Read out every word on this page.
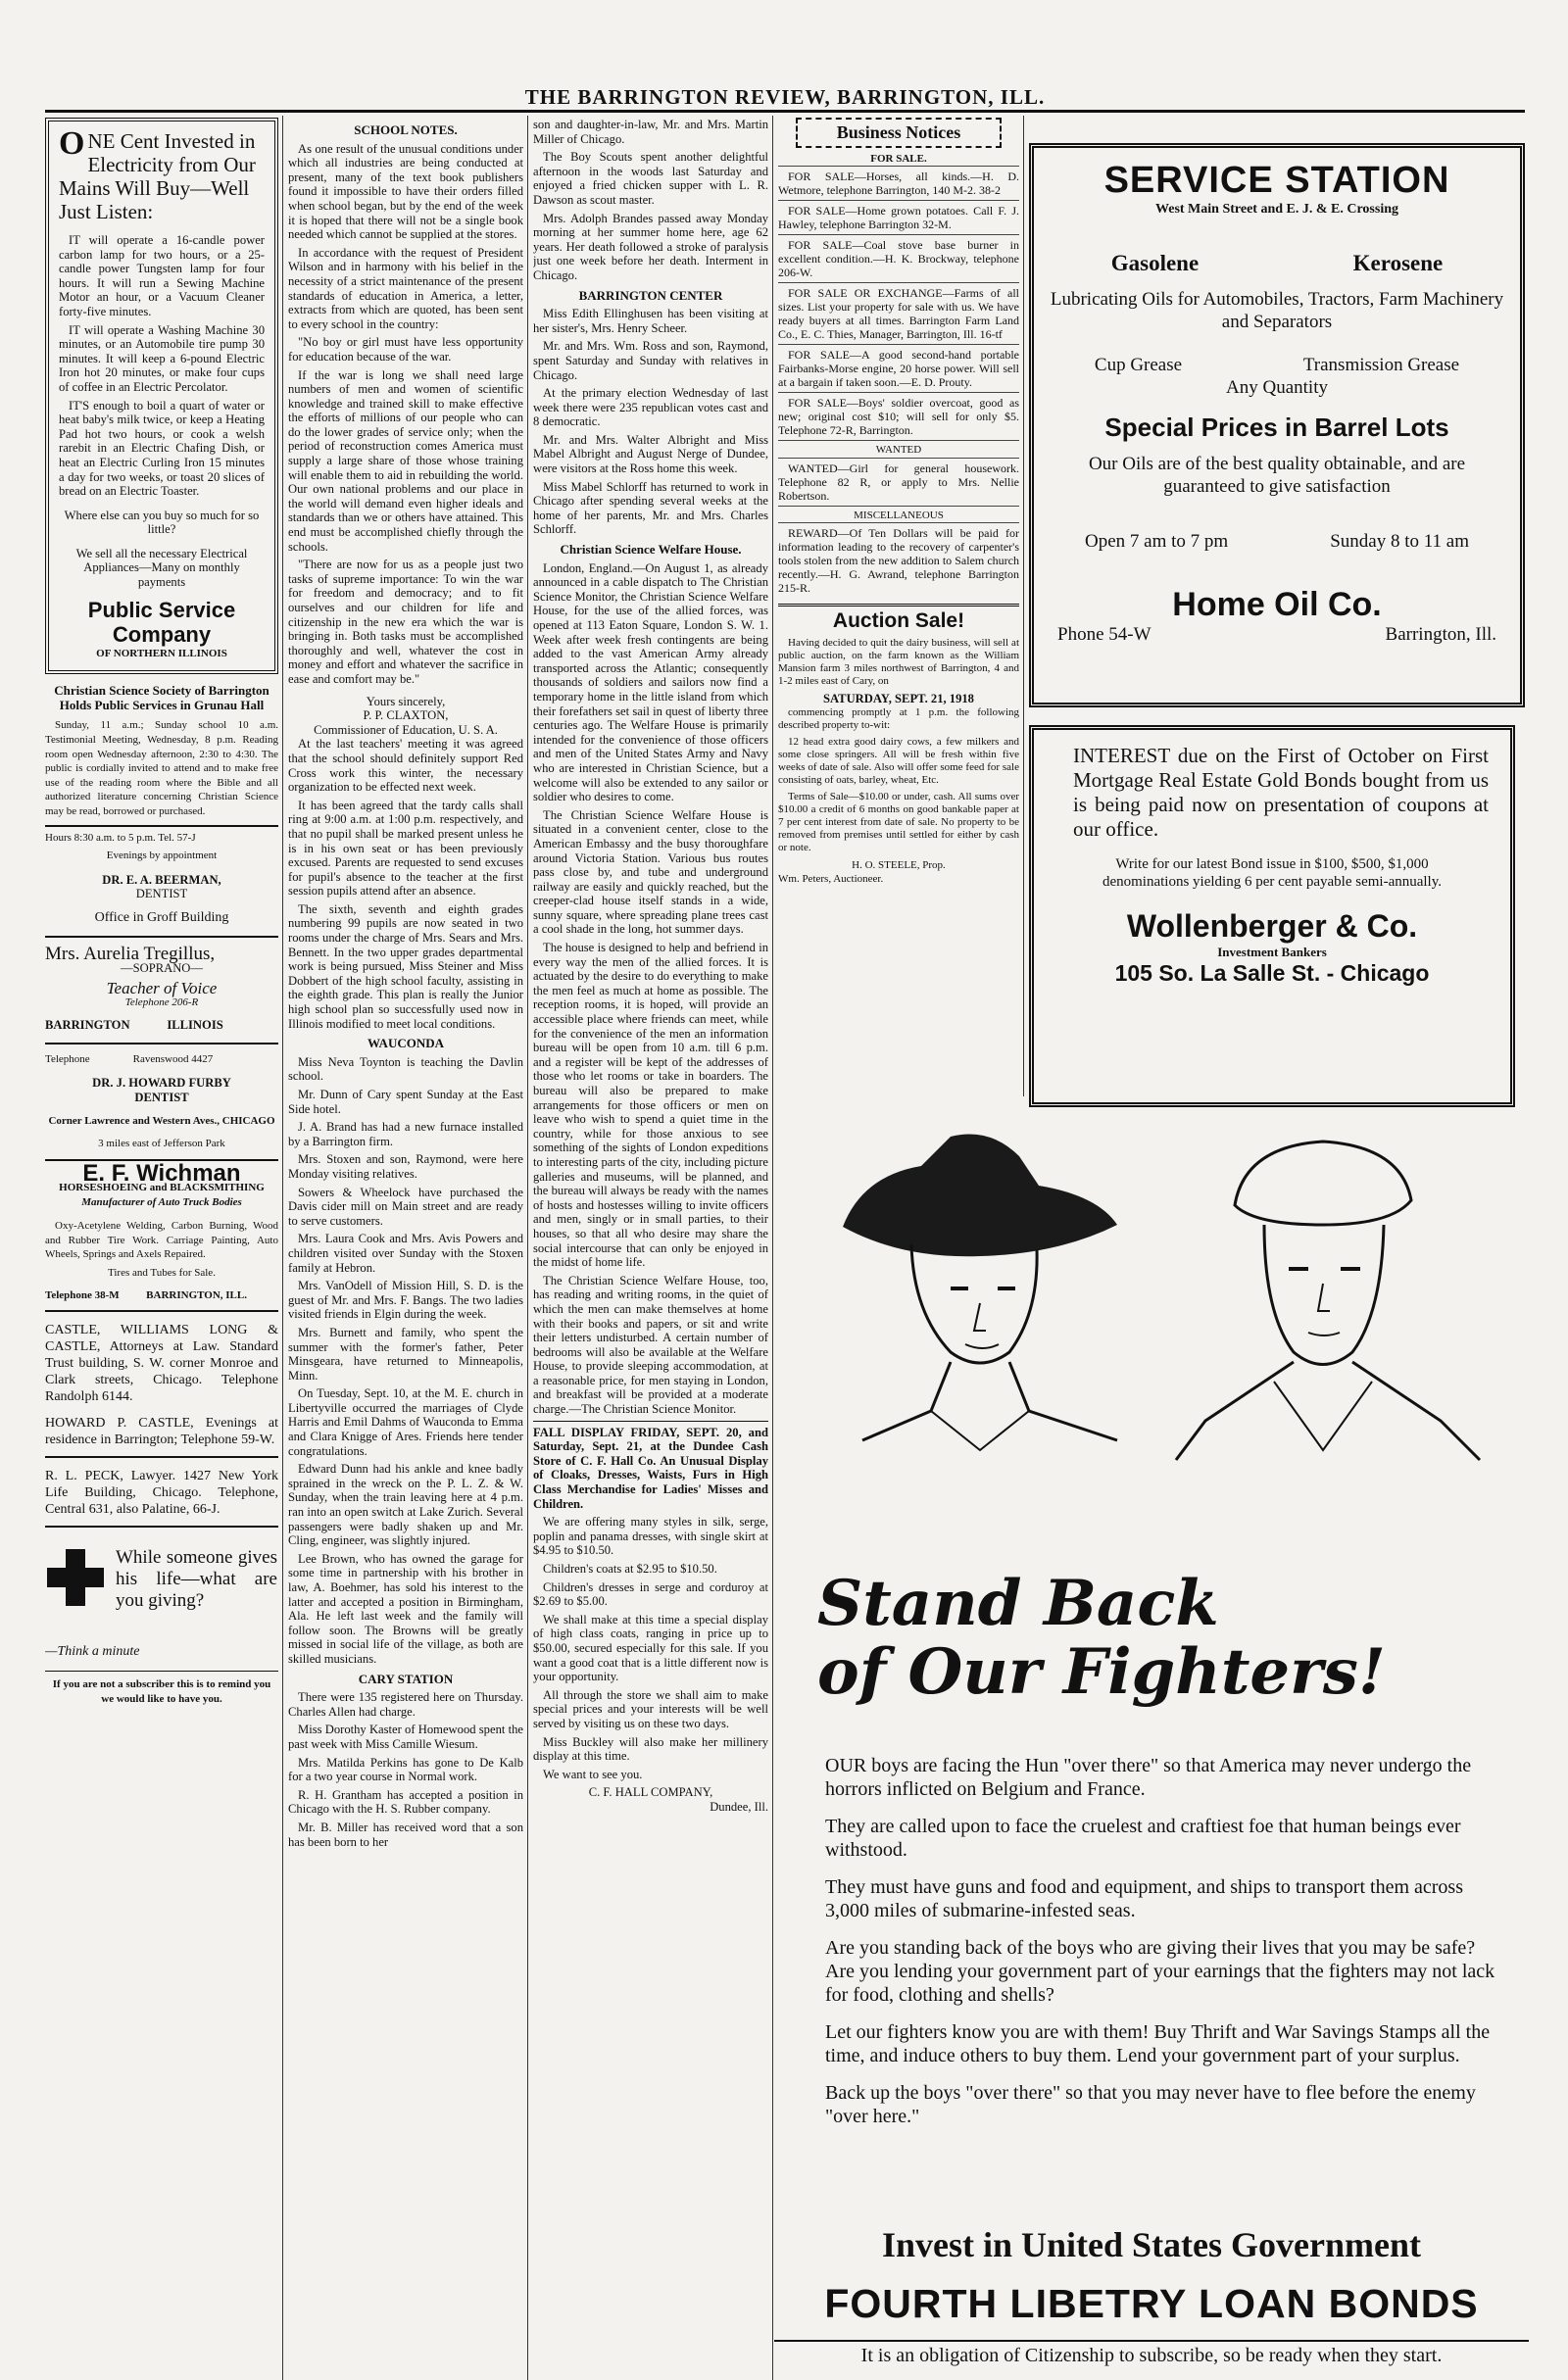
THE BARRINGTON REVIEW, BARRINGTON, ILL.
ONE Cent Invested in Electricity from Our Mains Will Buy—Well Just Listen:

IT will operate a 16-candle power carbon lamp for two hours, or a 25-candle power Tungsten lamp for four hours. It will run a Sewing Machine Motor an hour, or a Vacuum Cleaner forty-five minutes.

IT will operate a Washing Machine 30 minutes, or an Automobile tire pump 30 minutes. It will keep a 6-pound Electric Iron hot 20 minutes, or make four cups of coffee in an Electric Percolator.

IT'S enough to boil a quart of water or heat baby's milk twice, or keep a Heating Pad hot two hours, or cook a welsh rarebit in an Electric Chafing Dish, or heat an Electric Curling Iron 15 minutes a day for two weeks, or toast 20 slices of bread on an Electric Toaster.

Where else can you buy so much for so little?
We sell all the necessary Electrical Appliances—Many on monthly payments
Public Service Company
OF NORTHERN ILLINOIS
Christian Science Society of Barrington Holds Public Services in Grunau Hall

Sunday, 11 a.m.; Sunday school 10 a.m. Testimonial Meeting, Wednesday, 8 p.m. Reading room open Wednesday afternoon, 2:30 to 4:30. The public is cordially invited to attend and to make free use of the reading room where the Bible and all authorized literature concerning Christian Science may be read, borrowed or purchased.

Hours 8:30 a.m. to 5 p.m. Tel. 57-J
Evenings by appointment
DR. E. A. BEERMAN,
DENTIST
Office in Groff Building
Mrs. Aurelia Tregillus,
—SOPRANO—
Teacher of Voice
Telephone 206-R
BARRINGTON            ILLINOIS
Telephone                Ravenswood 4427
DR. J. HOWARD FURBY
DENTIST
Corner Lawrence and Western Aves., CHICAGO
3 miles east of Jefferson Park
E. F. Wichman
HORSESHOEING and BLACKSMITHING
Manufacturer of Auto Truck Bodies

Oxy-Acetylene Welding, Carbon Burning, Wood and Rubber Tire Work. Carriage Painting, Auto Wheels, Springs and Axels Repaired.

Tires and Tubes for Sale.
Telephone 38-M          BARRINGTON, ILL.

CASTLE, WILLIAMS LONG & CASTLE, Attorneys at Law. Standard Trust building, S. W. corner Monroe and Clark streets, Chicago. Telephone Randolph 6144.

HOWARD P. CASTLE, Evenings at residence in Barrington; Telephone 59-W.

R. L. PECK, Lawyer. 1427 New York Life Building, Chicago. Telephone, Central 631, also Palatine, 66-J.

While someone gives his life—what are you giving?
—Think a minute
If you are not a subscriber this is to remind you we would like to have you.
SCHOOL NOTES.

As one result of the unusual conditions under which all industries are being conducted at present, many of the text book publishers found it impossible to have their orders filled when school began, but by the end of the week it is hoped that there will not be a single book needed which cannot be supplied at the stores.

In accordance with the request of President Wilson and in harmony with his belief in the necessity of a strict maintenance of the present standards of education in America, a letter, extracts from which are quoted, has been sent to every school in the country:

"No boy or girl must have less opportunity for education because of the war.

If the war is long we shall need large numbers of men and women of scientific knowledge and trained skill to make effective the efforts of millions of our people who can do the lower grades of service only; when the period of reconstruction comes America must supply a large share of those whose training will enable them to aid in rebuilding the world. Our own national problems and our place in the world will demand even higher ideals and standards than we or others have attained. This end must be accomplished chiefly through the schools.

"There are now for us as a people just two tasks of supreme importance: To win the war for freedom and democracy; and to fit ourselves and our children for life and citizenship in the new era which the war is bringing in. Both tasks must be accomplished thoroughly and well, whatever the cost in money and effort and whatever the sacrifice in ease and comfort may be."

Yours sincerely,
P. P. CLAXTON,
Commissioner of Education, U. S. A.

At the last teachers' meeting it was agreed that the school should definitely support Red Cross work this winter, the necessary organization to be effected next week.

It has been agreed that the tardy calls shall ring at 9:00 a.m. at 1:00 p.m. respectively, and that no pupil shall be marked present unless he is in his own seat or has been previously excused. Parents are requested to send excuses for pupil's absence to the teacher at the first session pupils attend after an absence.

The sixth, seventh and eighth grades numbering 99 pupils are now seated in two rooms under the charge of Mrs. Sears and Mrs. Bennett. In the two upper grades departmental work is being pursued, Miss Steiner and Miss Dobbert of the high school faculty, assisting in the eighth grade. This plan is really the Junior high school plan so successfully used now in Illinois modified to meet local conditions.

WAUCONDA

Miss Neva Toynton is teaching the Davlin school.

Mr. Dunn of Cary spent Sunday at the East Side hotel.

J. A. Brand has had a new furnace installed by a Barrington firm.

Mrs. Stoxen and son, Raymond, were here Monday visiting relatives.

Sowers & Wheelock have purchased the Davis cider mill on Main street and are ready to serve customers.

Mrs. Laura Cook and Mrs. Avis Powers and children visited over Sunday with the Stoxen family at Hebron.

Mrs. VanOdell of Mission Hill, S. D. is the guest of Mr. and Mrs. F. Bangs. The two ladies visited friends in Elgin during the week.

Mrs. Burnett and family, who spent the summer with the former's father, Peter Minsgeara, have returned to Minneapolis, Minn.

On Tuesday, Sept. 10, at the M. E. church in Libertyville occurred the marriages of Clyde Harris and Emil Dahms of Wauconda to Emma and Clara Knigge of Ares. Friends here tender congratulations.

Edward Dunn had his ankle and knee badly sprained in the wreck on the P. L. Z. & W. Sunday, when the train leaving here at 4 p.m. ran into an open switch at Lake Zurich. Several passengers were badly shaken up and Mr. Cling, engineer, was slightly injured.

Lee Brown, who has owned the garage for some time in partnership with his brother in law, A. Boehmer, has sold his interest to the latter and accepted a position in Birmingham, Ala. He left last week and the family will follow soon. The Browns will be greatly missed in social life of the village, as both are skilled musicians.

CARY STATION

There were 135 registered here on Thursday. Charles Allen had charge.

Miss Dorothy Kaster of Homewood spent the past week with Miss Camille Wiesum.

Mrs. Matilda Perkins has gone to De Kalb for a two year course in Normal work.

R. H. Grantham has accepted a position in Chicago with the H. S. Rubber company.

Mr. B. Miller has received word that a son has been born to her

son and daughter-in-law, Mr. and Mrs. Martin Miller of Chicago.

The Boy Scouts spent another delightful afternoon in the woods last Saturday and enjoyed a fried chicken supper with L. R. Dawson as scout master.

Mrs. Adolph Brandes passed away Monday morning at her summer home here, age 62 years. Her death followed a stroke of paralysis just one week before her death. Interment in Chicago.

BARRINGTON CENTER

Miss Edith Ellinghusen has been visiting at her sister's, Mrs. Henry Scheer.

Mr. and Mrs. Wm. Ross and son, Raymond, spent Saturday and Sunday with relatives in Chicago.

At the primary election Wednesday of last week there were 235 republican votes cast and 8 democratic.

Mr. and Mrs. Walter Albright and Miss Mabel Albright and August Nerge of Dundee, were visitors at the Ross home this week.

Miss Mabel Schlorff has returned to work in Chicago after spending several weeks at the home of her parents, Mr. and Mrs. Charles Schlorff.

Christian Science Welfare House.

London, England.—On August 1, as already announced in a cable dispatch to The Christian Science Monitor, the Christian Science Welfare House, for the use of the allied forces, was opened at 113 Eaton Square, London S. W. 1. Week after week fresh contingents are being added to the vast American Army already transported across the Atlantic; consequently thousands of soldiers and sailors now find a temporary home in the little island from which their forefathers set sail in quest of liberty three centuries ago. The Welfare House is primarily intended for the convenience of those officers and men of the United States Army and Navy who are interested in Christian Science, but a welcome will also be extended to any sailor or soldier who desires to come.

The Christian Science Welfare House is situated in a convenient center, close to the American Embassy and the busy thoroughfare around Victoria Station. Various bus routes pass close by, and tube and underground railway are easily and quickly reached, but the creeper-clad house itself stands in a wide, sunny square, where spreading plane trees cast a cool shade in the long, hot summer days.

The house is designed to help and befriend in every way the men of the allied forces. It is actuated by the desire to do everything to make the men feel as much at home as possible. The reception rooms, it is hoped, will provide an accessible place where friends can meet, while for the convenience of the men an information bureau will be open from 10 a.m. till 6 p.m. and a register will be kept of the addresses of those who let rooms or take in boarders. The bureau will also be prepared to make arrangements for those officers or men on leave who wish to spend a quiet time in the country, while for those anxious to see something of the sights of London expeditions to interesting parts of the city, including picture galleries and museums, will be planned, and the bureau will always be ready with the names of hosts and hostesses willing to invite officers and men, singly or in small parties, to their houses, so that all who desire may share the social intercourse that can only be enjoyed in the midst of home life.

The Christian Science Welfare House, too, has reading and writing rooms, in the quiet of which the men can make themselves at home with their books and papers, or sit and write their letters undisturbed. A certain number of bedrooms will also be available at the Welfare House, to provide sleeping accommodation, at a reasonable price, for men staying in London, and breakfast will be provided at a moderate charge.—The Christian Science Monitor.

FALL DISPLAY FRIDAY, SEPT. 20, and Saturday, Sept. 21, at the Dundee Cash Store of C. F. Hall Co. An Unusual Display of Cloaks, Dresses, Waists, Furs in High Class Merchandise for Ladies' Misses and Children.

We are offering many styles in silk, serge, poplin and panama dresses, with single skirt at $4.95 to $10.50.

Children's coats at $2.95 to $10.50.

Children's dresses in serge and corduroy at $2.69 to $5.00.

We shall make at this time a special display of high class coats, ranging in price up to $50.00, secured especially for this sale. If you want a good coat that is a little different now is your opportunity.

All through the store we shall aim to make special prices and your interests will be well served by visiting us on these two days.

Miss Buckley will also make her millinery display at this time.

We want to see you.

C. F. HALL COMPANY,
Dundee, Ill.
Business Notices
FOR SALE.

FOR SALE—Horses, all kinds.—H. D. Wetmore, telephone Barrington, 140 M-2. 38-2

FOR SALE—Home grown potatoes. Call F. J. Hawley, telephone Barrington 32-M.

FOR SALE—Coal stove base burner in excellent condition.—H. K. Brockway, telephone 206-W.

FOR SALE OR EXCHANGE—Farms of all sizes. List your property for sale with us. We have ready buyers at all times. Barrington Farm Land Co., E. C. Thies, Manager, Barrington, Ill. 16-tf

FOR SALE—A good second-hand portable Fairbanks-Morse engine, 20 horse power. Will sell at a bargain if taken soon.—E. D. Prouty.

FOR SALE—Boys' soldier overcoat, good as new; original cost $10; will sell for only $5. Telephone 72-R, Barrington.

WANTED

WANTED—Girl for general housework. Telephone 82 R, or apply to Mrs. Nellie Robertson.

MISCELLANEOUS

REWARD—Of Ten Dollars will be paid for information leading to the recovery of carpenter's tools stolen from the new addition to Salem church recently.—H. G. Awrand, telephone Barrington 215-R.

Auction Sale!

Having decided to quit the dairy business, will sell at public auction, on the farm known as the William Mansion farm 3 miles northwest of Barrington, 4 and 1-2 miles east of Cary, on

SATURDAY, SEPT. 21, 1918

commencing promptly at 1 p.m. the following described property to-wit:

12 head extra good dairy cows, a few milkers and some close springers. All will be fresh within five weeks of date of sale. Also will offer some feed for sale consisting of oats, barley, wheat, Etc.

Terms of Sale—$10.00 or under, cash. All sums over $10.00 a credit of 6 months on good bankable paper at 7 per cent interest from date of sale. No property to be removed from premises until settled for either by cash or note.

H. O. STEELE, Prop.
Wm. Peters, Auctioneer.
SERVICE STATION
West Main Street and E. J. & E. Crossing
Gasolene	Kerosene
Lubricating Oils for Automobiles, Tractors, Farm Machinery and Separators
Cup Grease	Transmission Grease
Any Quantity
Special Prices in Barrel Lots
Our Oils are of the best quality obtainable, and are guaranteed to give satisfaction
Open 7 am to 7 pm	Sunday 8 to 11 am
Home Oil Co.
Phone 54-W	Barrington, Ill.
INTEREST due on the First of October on First Mortgage Real Estate Gold Bonds bought from us is being paid now on presentation of coupons at our office.
Write for our latest Bond issue in $100, $500, $1,000 denominations yielding 6 per cent payable semi-annually.
Wollenberger & Co.
Investment Bankers
105 So. La Salle St. - Chicago
Stand Back
of Our Fighters!

OUR boys are facing the Hun "over there" so that America may never undergo the horrors inflicted on Belgium and France.

They are called upon to face the cruelest and craftiest foe that human beings ever withstood.

They must have guns and food and equipment, and ships to transport them across 3,000 miles of submarine-infested seas.

Are you standing back of the boys who are giving their lives that you may be safe? Are you lending your government part of your earnings that the fighters may not lack for food, clothing and shells?

Let our fighters know you are with them! Buy Thrift and War Savings Stamps all the time, and induce others to buy them. Lend your government part of your surplus.

Back up the boys "over there" so that you may never have to flee before the enemy "over here."

Invest in United States Government
FOURTH LIBETRY LOAN BONDS
It is an obligation of Citizenship to subscribe, so be ready when they start.
